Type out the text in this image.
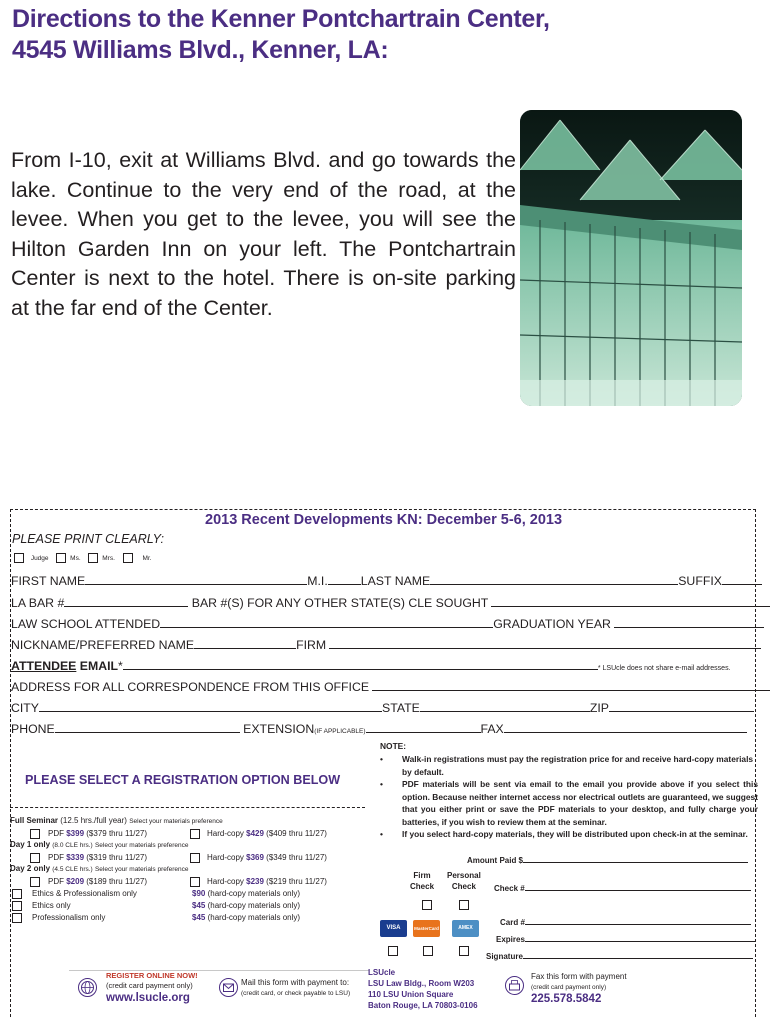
Directions to the Kenner Pontchartrain Center,
4545 Williams Blvd., Kenner, LA:
From I-10, exit at Williams Blvd. and go towards the lake. Continue to the very end of the road, at the levee. When you get to the levee, you will see the Hilton Garden Inn on your left. The Pontchartrain Center is next to the hotel. There is on-site parking at the far end of the Center.
2013 Recent Developments KN: December 5-6, 2013
PLEASE PRINT CLEARLY:
Judge	Ms.	Mrs.	Mr.
FIRST NAME	M.I.	LAST NAME	SUFFIX
LA BAR #	BAR #(S) FOR ANY OTHER STATE(S) CLE SOUGHT
LAW SCHOOL ATTENDED	GRADUATION YEAR
NICKNAME/PREFERRED NAME	FIRM
ATTENDEE EMAIL*	* LSUcle does not share e-mail addresses.
ADDRESS FOR ALL CORRESPONDENCE FROM THIS OFFICE
CITY	STATE	ZIP
PHONE	EXTENSION(IF APPLICABLE)	FAX
NOTE:
•	Walk-in registrations must pay the registration price for and receive hard-copy materials by default.
•	PDF materials will be sent via email to the email you provide above if you select this option. Because neither internet access nor electrical outlets are guaranteed, we suggest that you either print or save the PDF materials to your desktop, and fully charge your batteries, if you wish to review them at the seminar.
•	If you select hard-copy materials, they will be distributed upon check-in at the seminar.
PLEASE SELECT A REGISTRATION OPTION BELOW
Full Seminar (12.5 hrs./full year) Select your materials preference
PDF $399 ($379 thru 11/27)	Hard-copy $429 ($409 thru 11/27)
Day 1 only (8.0 CLE hrs.) Select your materials preference
PDF $339 ($319 thru 11/27)	Hard-copy $369 ($349 thru 11/27)
Day 2 only (4.5 CLE hrs.) Select your materials preference
PDF $209 ($189 thru 11/27)	Hard-copy $239 ($219 thru 11/27)
Ethics & Professionalism only	$90 (hard-copy materials only)
Ethics only	$45 (hard-copy materials only)
Professionalism only	$45 (hard-copy materials only)
Amount Paid $
Firm
Check
Personal
Check	Check #
Card #
VISA	MasterCard	AMEX
Expires
Signature
REGISTER ONLINE NOW!
(credit card payment only)
www.lsucle.org
Mail this form with payment to:
(credit card, or check payable to LSU)
LSUcle
LSU Law Bldg., Room W203
110 LSU Union Square
Baton Rouge, LA 70803-0106
Fax this form with payment
(credit card payment only)
225.578.5842
